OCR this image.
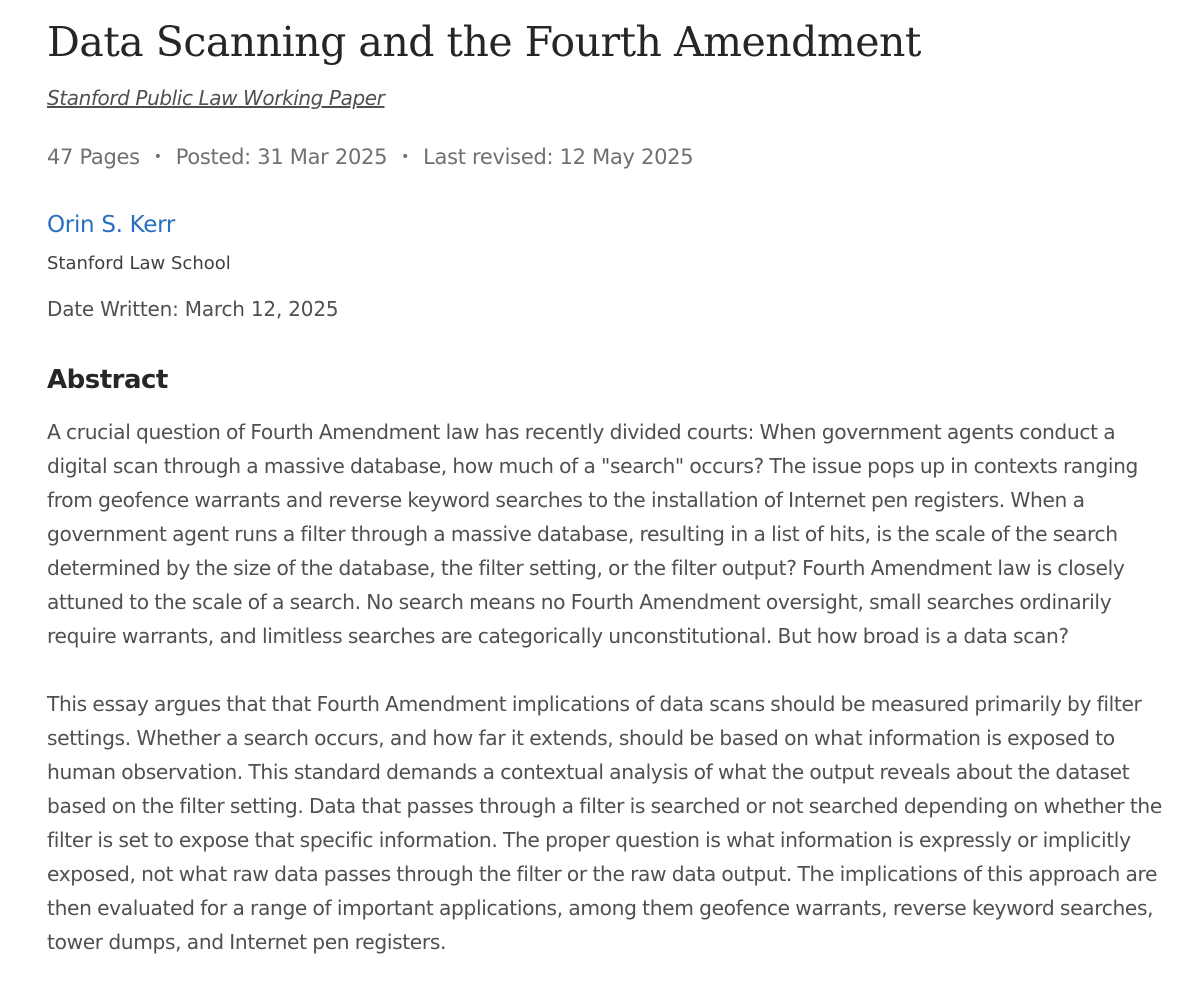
Data Scanning and the Fourth Amendment
Stanford Public Law Working Paper
47 Pages • Posted: 31 Mar 2025 • Last revised: 12 May 2025
Orin S. Kerr
Stanford Law School
Date Written: March 12, 2025
Abstract

A crucial question of Fourth Amendment law has recently divided courts: When government agents conduct a digital scan through a massive database, how much of a "search" occurs? The issue pops up in contexts ranging from geofence warrants and reverse keyword searches to the installation of Internet pen registers. When a government agent runs a filter through a massive database, resulting in a list of hits, is the scale of the search determined by the size of the database, the filter setting, or the filter output? Fourth Amendment law is closely attuned to the scale of a search. No search means no Fourth Amendment oversight, small searches ordinarily require warrants, and limitless searches are categorically unconstitutional. But how broad is a data scan?

This essay argues that that Fourth Amendment implications of data scans should be measured primarily by filter settings. Whether a search occurs, and how far it extends, should be based on what information is exposed to human observation. This standard demands a contextual analysis of what the output reveals about the dataset based on the filter setting. Data that passes through a filter is searched or not searched depending on whether the filter is set to expose that specific information. The proper question is what information is expressly or implicitly exposed, not what raw data passes through the filter or the raw data output. The implications of this approach are then evaluated for a range of important applications, among them geofence warrants, reverse keyword searches, tower dumps, and Internet pen registers.
